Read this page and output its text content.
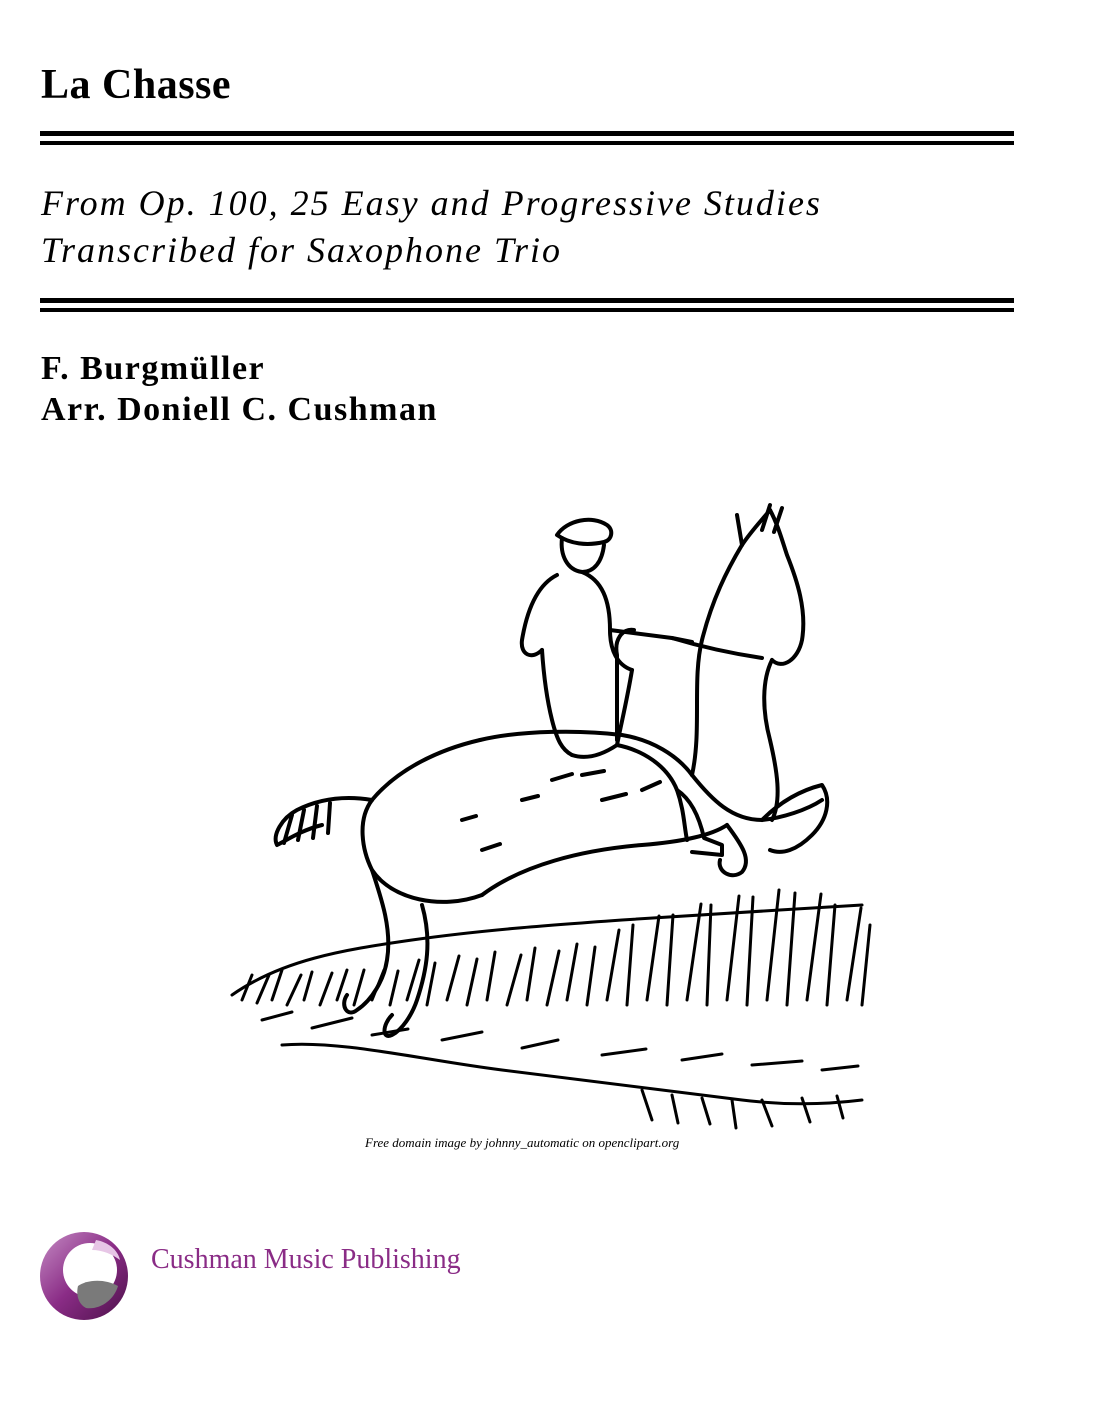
La Chasse
From Op. 100, 25 Easy and Progressive Studies
Transcribed for Saxophone Trio
F. Burgmüller
Arr. Doniell C. Cushman
Free domain image by johnny_automatic on openclipart.org
Cushman Music Publishing
